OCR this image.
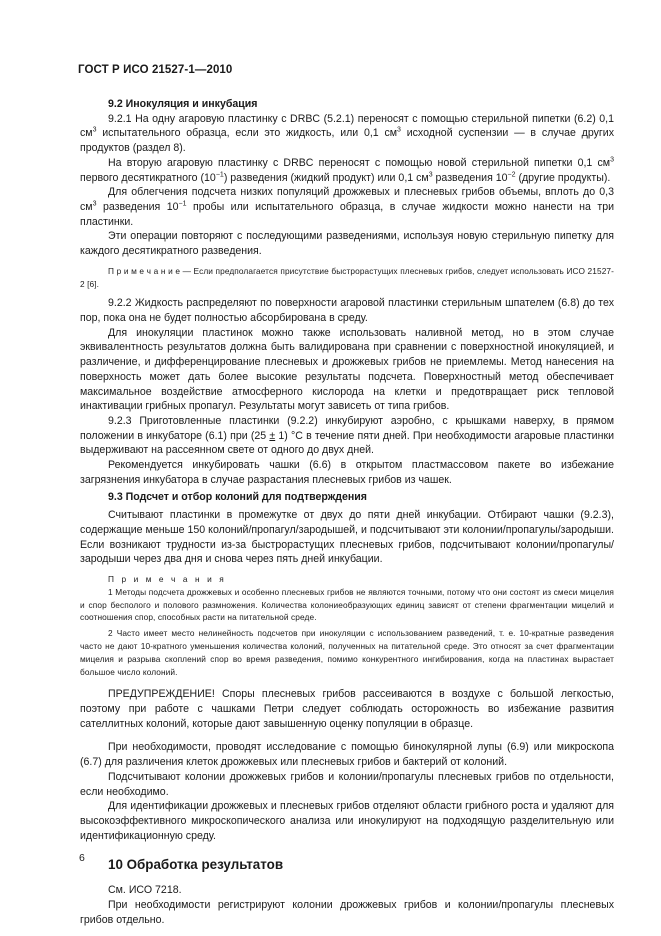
ГОСТ Р ИСО 21527-1—2010

9.2 Инокуляция и инкубация

9.2.1 На одну агаровую пластинку с DRBC (5.2.1) переносят с помощью стерильной пипетки (6.2) 0,1 $см^3$ испытательного образца, если это жидкость, или 0,1 $см^3$ исходной суспензии — в случае других продуктов (раздел 8).

На вторую агаровую пластинку с DRBC переносят с помощью новой стерильной пипетки 0,1 $см^3$ первого десятикратного $(10^{-1})$ разведения (жидкий продукт) или 0,1 $см^3$ разведения $10^{-2}$ (другие продукты).

Для облегчения подсчета низких популяций дрожжевых и плесневых грибов объемы, вплоть до 0,3 $см^3$ разведения $10^{-1}$ пробы или испытательного образца, в случае жидкости можно нанести на три пластинки.

Эти операции повторяют с последующими разведениями, используя новую стерильную пипетку для каждого десятикратного разведения.

П р и м е ч а н и е — Если предполагается присутствие быстрорастущих плесневых грибов, следует использовать ИСО 21527-2 [6].

9.2.2 Жидкость распределяют по поверхности агаровой пластинки стерильным шпателем (6.8) до тех пор, пока она не будет полностью абсорбирована в среду.

Для инокуляции пластинок можно также использовать наливной метод, но в этом случае эквивалентность результатов должна быть валидирована при сравнении с поверхностной инокуляцией, и различение, и дифференцирование плесневых и дрожжевых грибов не приемлемы. Метод нанесения на поверхность может дать более высокие результаты подсчета. Поверхностный метод обеспечивает максимальное воздействие атмосферного кислорода на клетки и предотвращает риск тепловой инактивации грибных пропагул. Результаты могут зависеть от типа грибов.

9.2.3 Приготовленные пластинки (9.2.2) инкубируют аэробно, с крышками наверху, в прямом положении в инкубаторе (6.1) при (25 ± 1) °С в течение пяти дней. При необходимости агаровые пластинки выдерживают на рассеянном свете от одного до двух дней.

Рекомендуется инкубировать чашки (6.6) в открытом пластмассовом пакете во избежание загрязнения инкубатора в случае разрастания плесневых грибов из чашек.

9.3 Подсчет и отбор колоний для подтверждения

Считывают пластинки в промежутке от двух до пяти дней инкубации. Отбирают чашки (9.2.3), содержащие меньше 150 колоний/пропагул/зародышей, и подсчитывают эти колонии/пропагулы/зародыши. Если возникают трудности из-за быстрорастущих плесневых грибов, подсчитывают колонии/пропагулы/зародыши через два дня и снова через пять дней инкубации.

П р и м е ч а н и я

1 Методы подсчета дрожжевых и особенно плесневых грибов не являются точными, потому что они состоят из смеси мицелия и спор бесполого и полового размножения. Количества колониеобразующих единиц зависят от степени фрагментации мицелий и соотношения спор, способных расти на питательной среде.

2 Часто имеет место нелинейность подсчетов при инокуляции с использованием разведений, т. е. 10-кратные разведения часто не дают 10-кратного уменьшения количества колоний, полученных на питательной среде. Это относят за счет фрагментации мицелия и разрыва скоплений спор во время разведения, помимо конкурентного ингибирования, когда на пластинах вырастает большое число колоний.

ПРЕДУПРЕЖДЕНИЕ! Споры плесневых грибов рассеиваются в воздухе с большой легкостью, поэтому при работе с чашками Петри следует соблюдать осторожность во избежание развития сателлитных колоний, которые дают завышенную оценку популяции в образце.

При необходимости, проводят исследование с помощью бинокулярной лупы (6.9) или микроскопа (6.7) для различения клеток дрожжевых или плесневых грибов и бактерий от колоний.

Подсчитывают колонии дрожжевых грибов и колонии/пропагулы плесневых грибов по отдельности, если необходимо.

Для идентификации дрожжевых и плесневых грибов отделяют области грибного роста и удаляют для высокоэффективного микроскопического анализа или инокулируют на подходящую разделительную или идентификационную среду.

10 Обработка результатов

См. ИСО 7218.

При необходимости регистрируют колонии дрожжевых грибов и колонии/пропагулы плесневых грибов отдельно.

6
